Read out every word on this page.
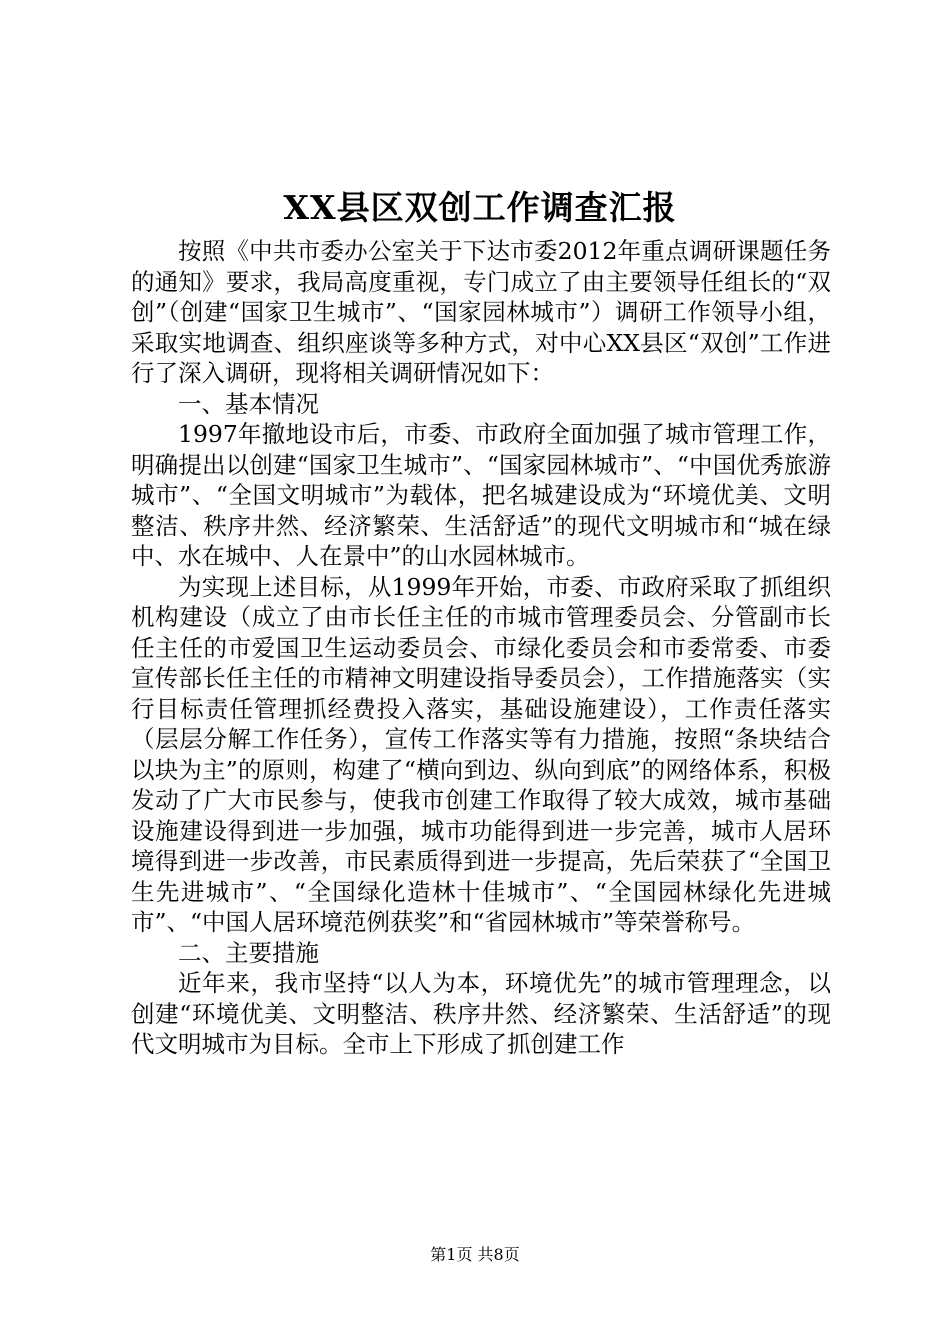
XX县区双创工作调查汇报

按照《中共市委办公室关于下达市委2012年重点调研课题任务的通知》要求，我局高度重视，专门成立了由主要领导任组长的“双创”（创建“国家卫生城市”、“国家园林城市”）调研工作领导小组，采取实地调查、组织座谈等多种方式，对中心XX县区“双创”工作进行了深入调研，现将相关调研情况如下：

一、基本情况

1997年撤地设市后，市委、市政府全面加强了城市管理工作，明确提出以创建“国家卫生城市”、“国家园林城市”、“中国优秀旅游城市”、“全国文明城市”为载体，把名城建设成为“环境优美、文明整洁、秩序井然、经济繁荣、生活舒适”的现代文明城市和“城在绿中、水在城中、人在景中”的山水园林城市。

为实现上述目标，从1999年开始，市委、市政府采取了抓组织机构建设（成立了由市长任主任的市城市管理委员会、分管副市长任主任的市爱国卫生运动委员会、市绿化委员会和市委常委、市委宣传部长任主任的市精神文明建设指导委员会），工作措施落实（实行目标责任管理抓经费投入落实，基础设施建设），工作责任落实（层层分解工作任务），宣传工作落实等有力措施，按照“条块结合以块为主”的原则，构建了“横向到边、纵向到底”的网络体系，积极发动了广大市民参与，使我市创建工作取得了较大成效，城市基础设施建设得到进一步加强，城市功能得到进一步完善，城市人居环境得到进一步改善，市民素质得到进一步提高，先后荣获了“全国卫生先进城市”、“全国绿化造林十佳城市”、“全国园林绿化先进城市”、“中国人居环境范例获奖”和“省园林城市”等荣誉称号。

二、主要措施

近年来，我市坚持“以人为本，环境优先”的城市管理理念，以创建“环境优美、文明整洁、秩序井然、经济繁荣、生活舒适”的现代文明城市为目标。全市上下形成了抓创建工作

第1页 共8页
